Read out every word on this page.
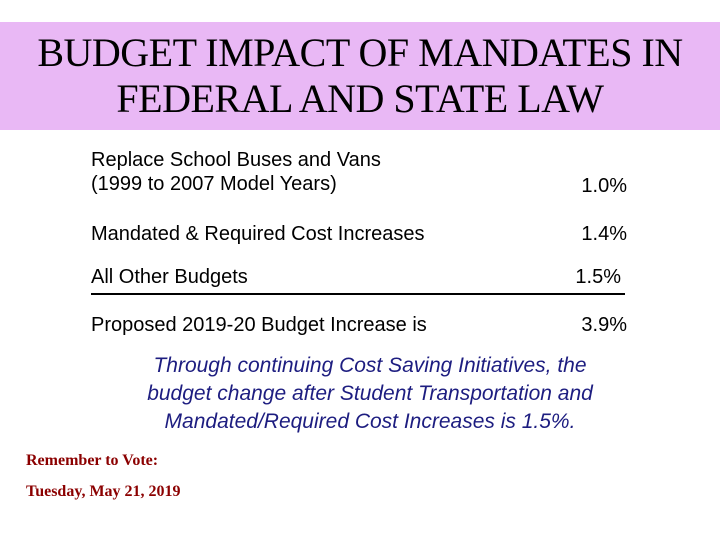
BUDGET IMPACT OF MANDATES IN
FEDERAL AND STATE LAW
Replace School Buses and Vans
(1999 to 2007 Model Years)	1.0%
Mandated & Required Cost Increases	1.4%
All Other Budgets	1.5%
Proposed 2019-20 Budget Increase is	3.9%
Through continuing Cost Saving Initiatives, the
budget change after Student Transportation and
Mandated/Required Cost Increases is 1.5%.
Remember to Vote:
Tuesday, May 21, 2019
